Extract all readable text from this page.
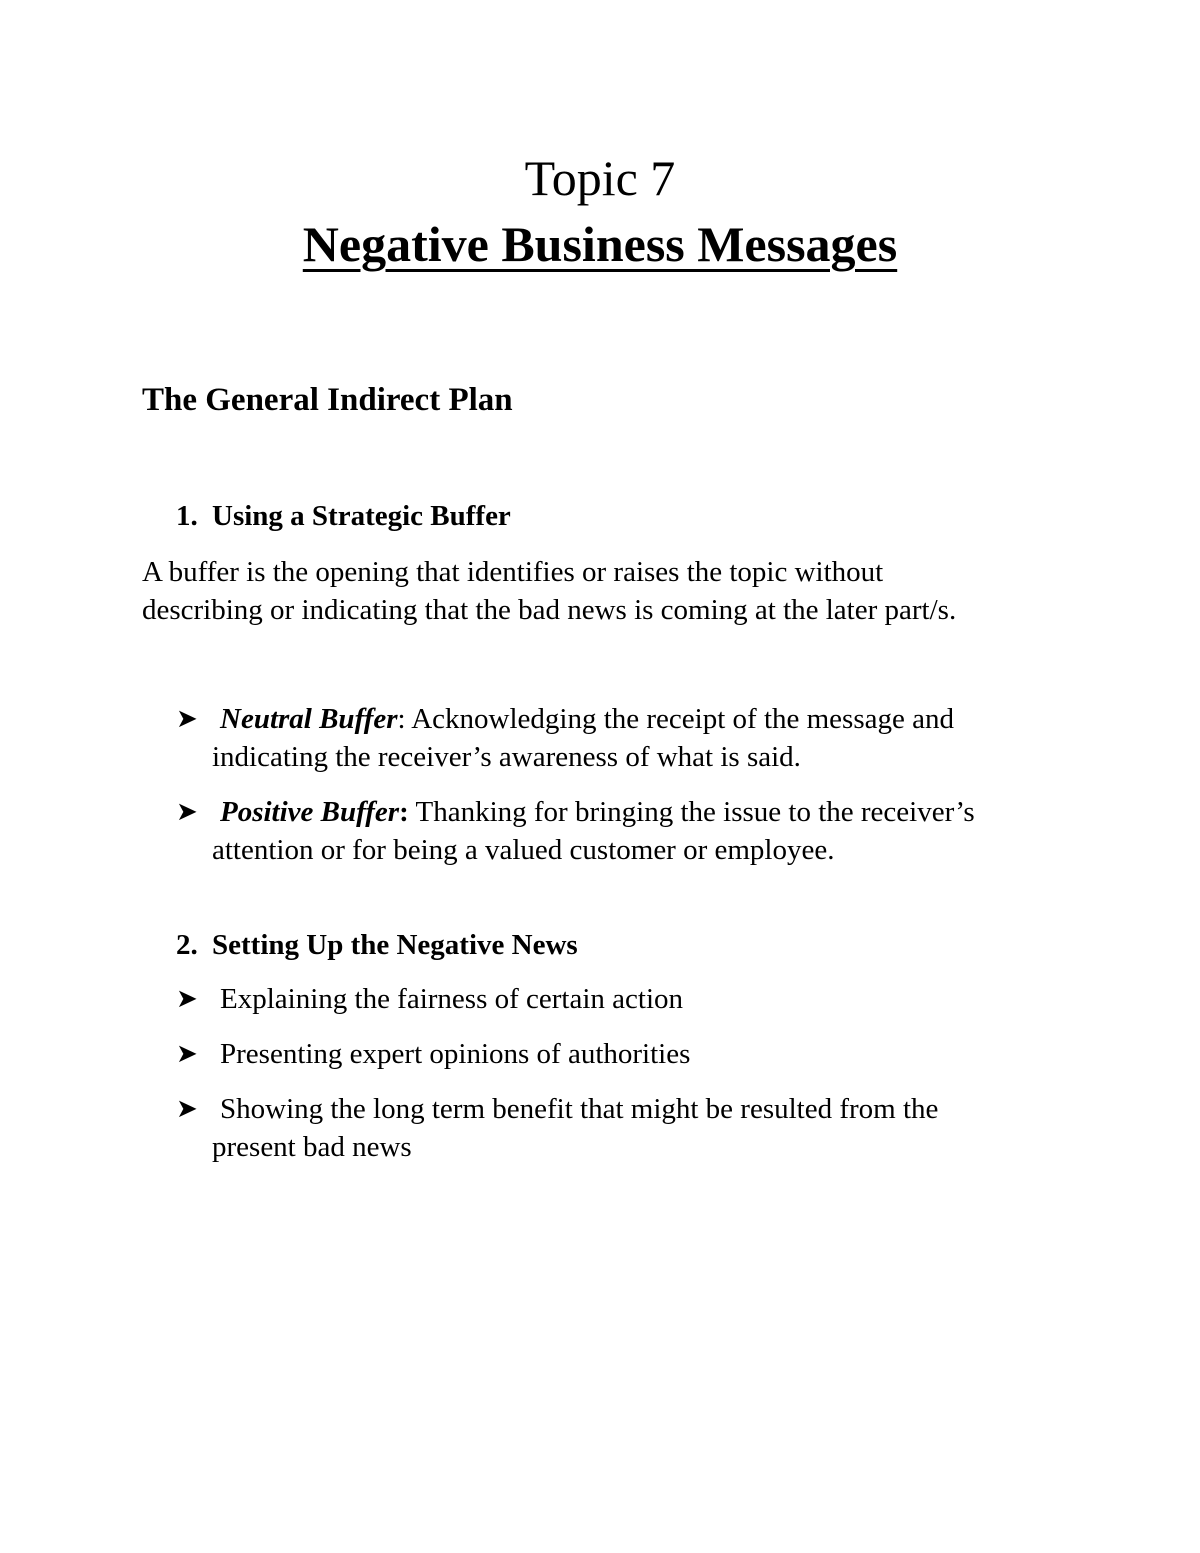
Topic 7
Negative Business Messages
The General Indirect Plan
1. Using a Strategic Buffer
A buffer is the opening that identifies or raises the topic without
describing or indicating that the bad news is coming at the later part/s.
➤ Neutral Buffer: Acknowledging the receipt of the message and
indicating the receiver’s awareness of what is said.
➤ Positive Buffer: Thanking for bringing the issue to the receiver’s
attention or for being a valued customer or employee.
2. Setting Up the Negative News
➤ Explaining the fairness of certain action
➤ Presenting expert opinions of authorities
➤ Showing the long term benefit that might be resulted from the
present bad news
